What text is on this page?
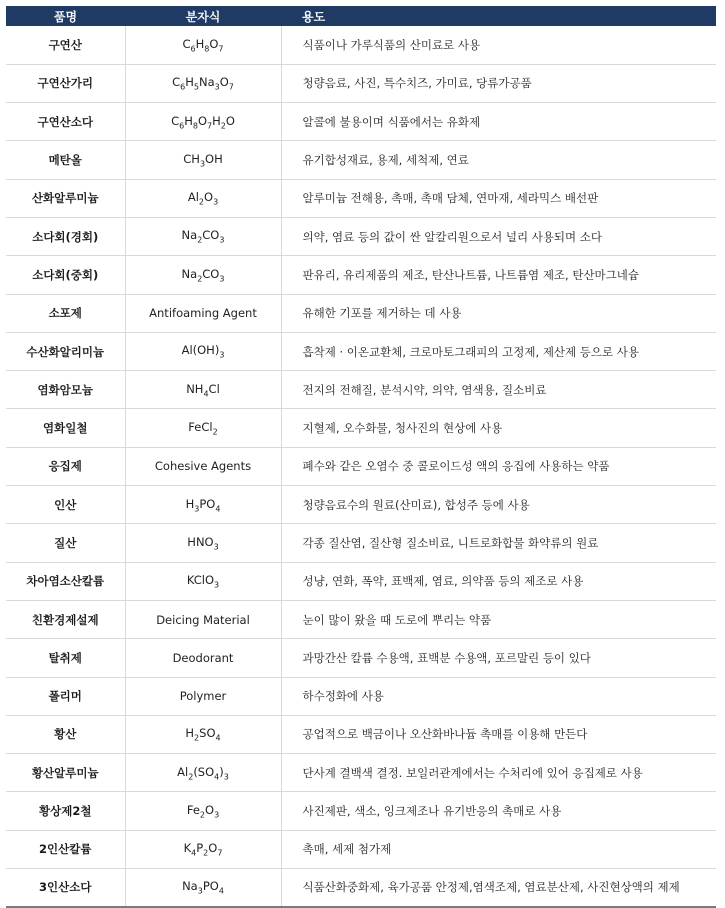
품명	분자식	용도
구연산	$C_6H_8O_7$	식품이나 가루식품의 산미료로 사용
구연산가리	$C_6H_5Na_3O_7$	청량음료, 사진, 특수치즈, 가미료, 당류가공품
구연산소다	$C_6H_8O_7H_2O$	알콜에 불용이며 식품에서는 유화제
메탄올	$CH_3OH$	유기합성재료, 용제, 세척제, 연료
산화알루미늄	$Al_2O_3$	알루미늄 전해용, 촉매, 촉매 담체, 연마재, 세라믹스 배선판
소다회(경회)	$Na_2CO_3$	의약, 염료 등의 값이 싼 알칼리원으로서 널리 사용되며 소다
소다회(중회)	$Na_2CO_3$	판유리, 유리제품의 제조, 탄산나트륨, 나트륨염 제조, 탄산마그네슘
소포제	Antifoaming Agent	유해한 기포를 제거하는 데 사용
수산화알리미늄	$Al(OH)_3$	흡착제 · 이온교환체, 크로마토그래피의 고정제, 제산제 등으로 사용
염화암모늄	$NH_4Cl$	전지의 전해질, 분석시약, 의약, 염색용, 질소비료
염화일철	FeCl$_2$	지혈제, 오수화물, 청사진의 현상에 사용
응집제	Cohesive Agents	폐수와 같은 오염수 중 콜로이드성 액의 응집에 사용하는 약품
인산	$H_3PO_4$	청량음료수의 원료(산미료), 합성주 등에 사용
질산	$HNO_3$	각종 질산염, 질산형 질소비료, 니트로화합물 화약류의 원료
차아염소산칼륨	KClO$_3$	성냥, 연화, 폭약, 표백제, 염료, 의약품 등의 제조로 사용
친환경제설제	Deicing Material	눈이 많이 왔을 때 도로에 뿌리는 약품
탈취제	Deodorant	과망간산 칼륨 수용액, 표백분 수용액, 포르말린 등이 있다
폴리머	Polymer	하수정화에 사용
황산	$H_2SO_4$	공업적으로 백금이나 오산화바나듐 촉매를 이용해 만든다
황산알루미늄	$Al_2(SO_4)_3$	단사계 결백색 결정. 보일러관계에서는 수처리에 있어 응집제로 사용
황상제2철	$Fe_2O_3$	사진제판, 색소, 잉크제조나 유기반응의 촉매로 사용
2인산칼륨	$K_4P_2O_7$	촉매, 세제 첨가제
3인산소다	$Na_3PO_4$	식품산화중화제, 육가공품 안정제,염색조제, 염료분산제, 사진현상액의 제제
